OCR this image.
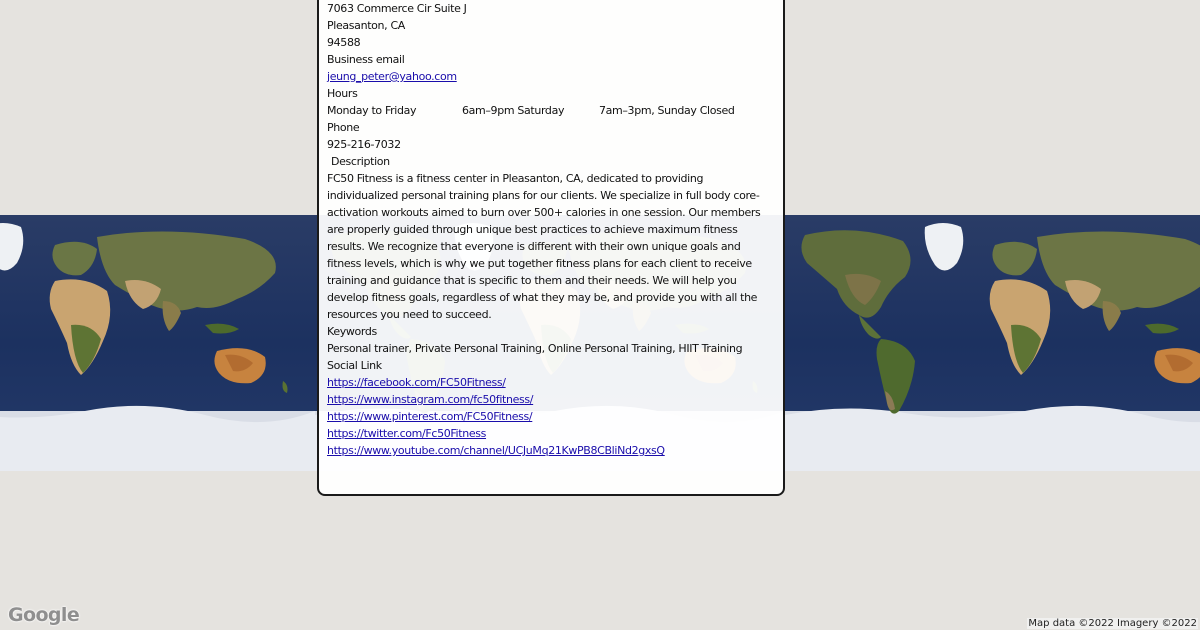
7063 Commerce Cir Suite J
Pleasanton, CA
94588
Business email
jeung_peter@yahoo.com
Hours
Monday to Friday	6am–9pm Saturday	7am–3pm, Sunday Closed
Phone
925-216-7032
Description

FC50 Fitness is a fitness center in Pleasanton, CA, dedicated to providing individualized personal training plans for our clients. We specialize in full body core-activation workouts aimed to burn over 500+ calories in one session. Our members are properly guided through unique best practices to achieve maximum fitness results. We recognize that everyone is different with their own unique goals and fitness levels, which is why we put together fitness plans for each client to receive training and guidance that is specific to them and their needs. We will help you develop fitness goals, regardless of what they may be, and provide you with all the resources you need to succeed.

Keywords
Personal trainer, Private Personal Training, Online Personal Training, HIIT Training
Social Link
https://facebook.com/FC50Fitness/
https://www.instagram.com/fc50fitness/
https://www.pinterest.com/FC50Fitness/
https://twitter.com/Fc50Fitness
https://www.youtube.com/channel/UCJuMq21KwPB8CBliNd2gxsQ
Google	Map data ©2022 Imagery ©2022
